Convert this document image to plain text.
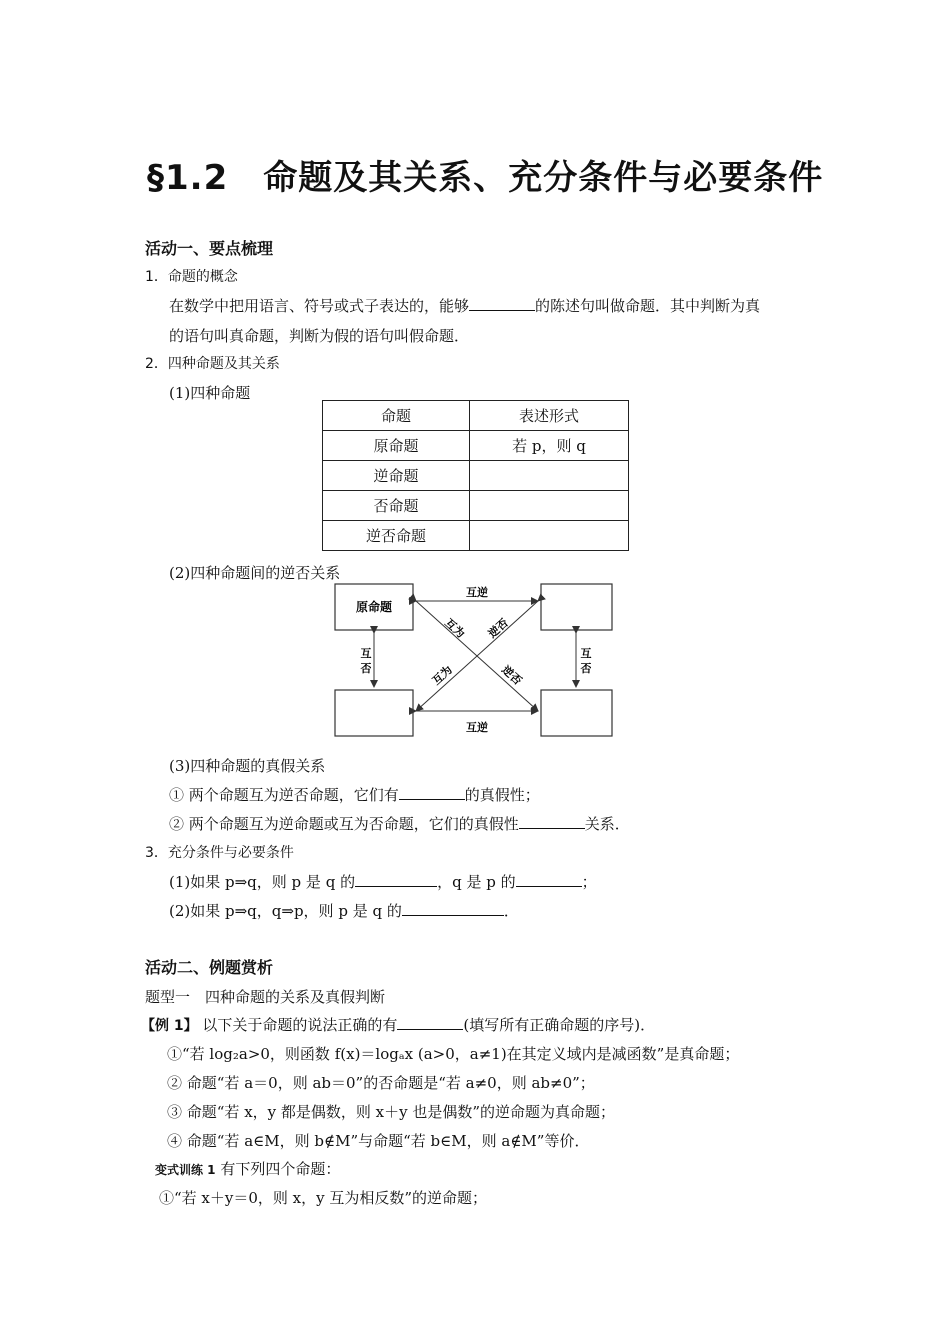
§1.2　命题及其关系、充分条件与必要条件
活动一、要点梳理
1．命题的概念
在数学中把用语言、符号或式子表达的，能够	的陈述句叫做命题．其中判断为真
的语句叫真命题，判断为假的语句叫假命题．
2．四种命题及其关系
(1)四种命题
命题	表述形式
原命题	若 p，则 q
逆命题	
否命题	
逆否命题	
(2)四种命题间的逆否关系
原命题
互逆
互逆
互
否
互
否
互为 逆否
互为	逆否
(3)四种命题的真假关系
① 两个命题互为逆否命题，它们有	的真假性；
② 两个命题互为逆命题或互为否命题，它们的真假性	关系．
3．充分条件与必要条件
(1)如果 p⇒q，则 p 是 q 的	，q 是 p 的	；
(2)如果 p⇒q，q⇒p，则 p 是 q 的	．
活动二、例题赏析
题型一　四种命题的关系及真假判断
【例 1】 以下关于命题的说法正确的有	(填写所有正确命题的序号)．
①“若 log₂a>0，则函数 f(x)＝logₐx (a>0，a≠1)在其定义域内是减函数”是真命题；
② 命题“若 a＝0，则 ab＝0”的否命题是“若 a≠0，则 ab≠0”；
③ 命题“若 x，y 都是偶数，则 x＋y 也是偶数”的逆命题为真命题；
④ 命题“若 a∈M，则 b∉M”与命题“若 b∈M，则 a∉M”等价．
变式训练 1 有下列四个命题：
①“若 x＋y＝0，则 x，y 互为相反数”的逆命题；
